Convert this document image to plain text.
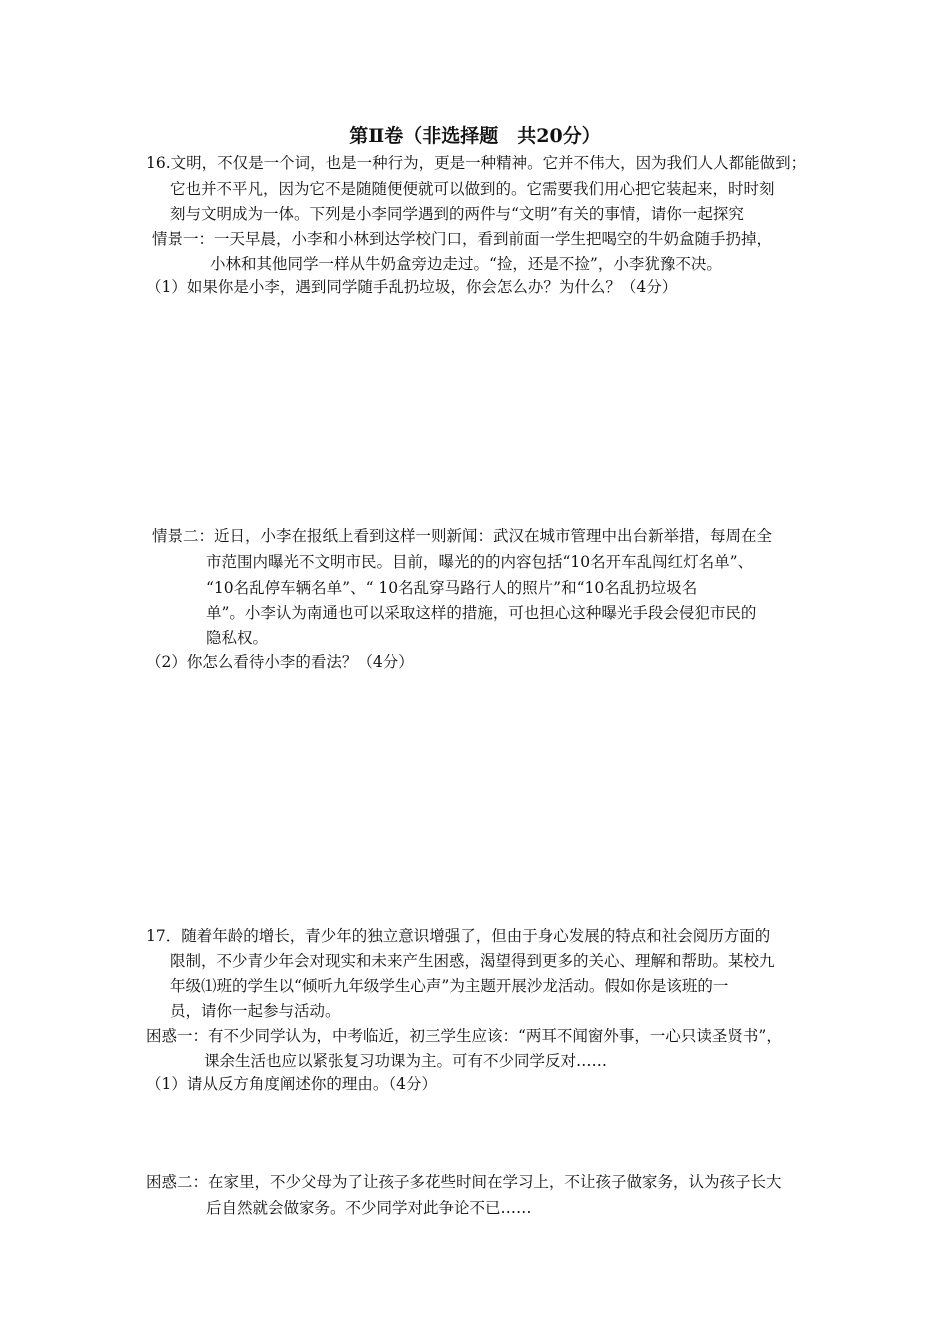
第Ⅱ卷（非选择题　共20分）
16.文明，不仅是一个词，也是一种行为，更是一种精神。它并不伟大，因为我们人人都能做到；
它也并不平凡，因为它不是随随便便就可以做到的。它需要我们用心把它装起来，时时刻
刻与文明成为一体。下列是小李同学遇到的两件与“文明”有关的事情，请你一起探究
情景一：一天早晨，小李和小林到达学校门口，看到前面一学生把喝空的牛奶盒随手扔掉，
小林和其他同学一样从牛奶盒旁边走过。“捡，还是不捡”，小李犹豫不决。
（1）如果你是小李，遇到同学随手乱扔垃圾，你会怎么办？为什么？（4分）
情景二：近日，小李在报纸上看到这样一则新闻：武汉在城市管理中出台新举措，每周在全
市范围内曝光不文明市民。目前，曝光的的内容包括“10名开车乱闯红灯名单”、
“10名乱停车辆名单”、“ 10名乱穿马路行人的照片”和“10名乱扔垃圾名
单”。小李认为南通也可以采取这样的措施，可也担心这种曝光手段会侵犯市民的
隐私权。
（2）你怎么看待小李的看法？（4分）
17．随着年龄的增长，青少年的独立意识增强了，但由于身心发展的特点和社会阅历方面的
限制，不少青少年会对现实和未来产生困惑，渴望得到更多的关心、理解和帮助。某校九
年级⑴班的学生以“倾听九年级学生心声”为主题开展沙龙活动。假如你是该班的一
员，请你一起参与活动。
困惑一：有不少同学认为，中考临近，初三学生应该：“两耳不闻窗外事，一心只读圣贤书”，
课余生活也应以紧张复习功课为主。可有不少同学反对……
（1）请从反方角度阐述你的理由。（4分）
困惑二：在家里，不少父母为了让孩子多花些时间在学习上，不让孩子做家务，认为孩子长大
后自然就会做家务。不少同学对此争论不已……
